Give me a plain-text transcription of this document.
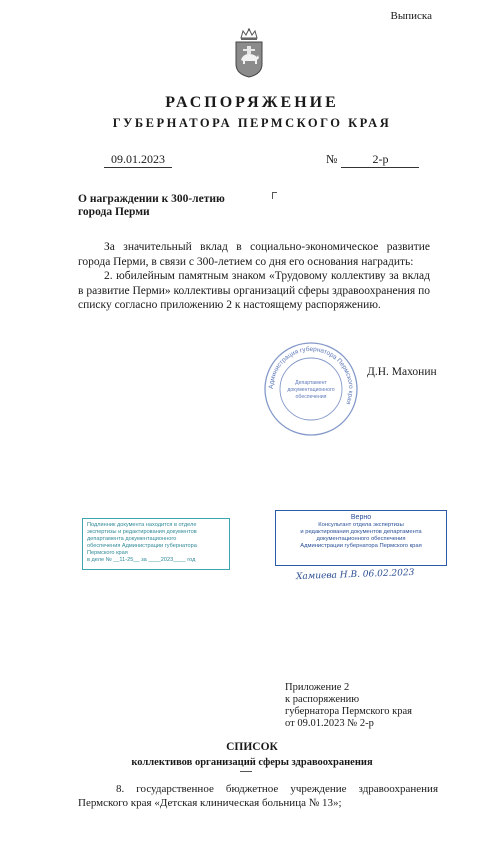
Выписка
РАСПОРЯЖЕНИЕ
ГУБЕРНАТОРА ПЕРМСКОГО КРАЯ
09.01.2023	№	2-р
О награждении к 300-летию
города Перми

За значительный вклад в социально-экономическое развитие города Перми, в связи с 300-летием со дня его основания наградить:

2. юбилейным памятным знаком «Трудовому коллективу за вклад в развитие Перми» коллективы организаций сферы здравоохранения по списку согласно приложению 2 к настоящему распоряжению.

Администрация губернатора Пермского края
Департамент
документационного
обеспечения
Д.Н. Махонин
Подлинник документа находится в отделе
экспертизы и редактирования документов
департамента документационного
обеспечения Администрации губернатора
Пермского края
в деле № __11-25__ за ____2023____ год
Верно
Консультант отдела экспертизы
и редактирования документов департамента
документационного обеспечения
Администрации губернатора Пермского края
Хамиева Н.В. 06.02.2023
Приложение 2
к распоряжению
губернатора Пермского края
от 09.01.2023 № 2-р
СПИСОК
коллективов организаций сферы здравоохранения

8. государственное бюджетное учреждение здравоохранения Пермского края «Детская клиническая больница № 13»;
